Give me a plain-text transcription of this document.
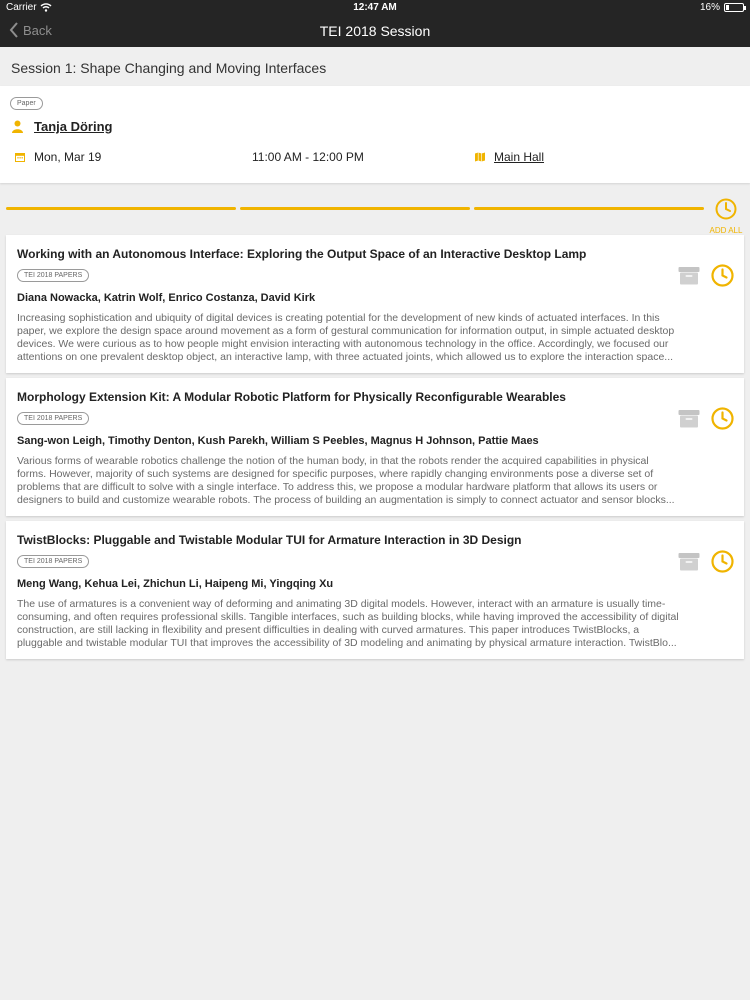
Carrier	12:47 AM	16%
Back	TEI 2018 Session
Session 1: Shape Changing and Moving Interfaces
Paper
Tanja Döring
Mon, Mar 19	11:00 AM - 12:00 PM	Main Hall
ADD ALL
Working with an Autonomous Interface: Exploring the Output Space of an Interactive Desktop Lamp
TEI 2018 PAPERS
Diana Nowacka, Katrin Wolf, Enrico Costanza, David Kirk
Increasing sophistication and ubiquity of digital devices is creating potential for the development of new kinds of actuated interfaces. In this
paper, we explore the design space around movement as a form of gestural communication for information output, in simple actuated desktop
devices. We were curious as to how people might envision interacting with autonomous technology in the office. Accordingly, we focused our
attentions on one prevalent desktop object, an interactive lamp, with three actuated joints, which allowed us to explore the interaction space...
Morphology Extension Kit: A Modular Robotic Platform for Physically Reconfigurable Wearables
TEI 2018 PAPERS
Sang-won Leigh, Timothy Denton, Kush Parekh, William S Peebles, Magnus H Johnson, Pattie Maes
Various forms of wearable robotics challenge the notion of the human body, in that the robots render the acquired capabilities in physical
forms. However, majority of such systems are designed for specific purposes, where rapidly changing environments pose a diverse set of
problems that are difficult to solve with a single interface. To address this, we propose a modular hardware platform that allows its users or
designers to build and customize wearable robots. The process of building an augmentation is simply to connect actuator and sensor blocks...
TwistBlocks: Pluggable and Twistable Modular TUI for Armature Interaction in 3D Design
TEI 2018 PAPERS
Meng Wang, Kehua Lei, Zhichun Li, Haipeng Mi, Yingqing Xu
The use of armatures is a convenient way of deforming and animating 3D digital models. However, interact with an armature is usually time-
consuming, and often requires professional skills. Tangible interfaces, such as building blocks, while having improved the accessibility of digital
construction, are still lacking in flexibility and present difficulties in dealing with curved armatures. This paper introduces TwistBlocks, a
pluggable and twistable modular TUI that improves the accessibility of 3D modeling and animating by physical armature interaction. TwistBlo...
